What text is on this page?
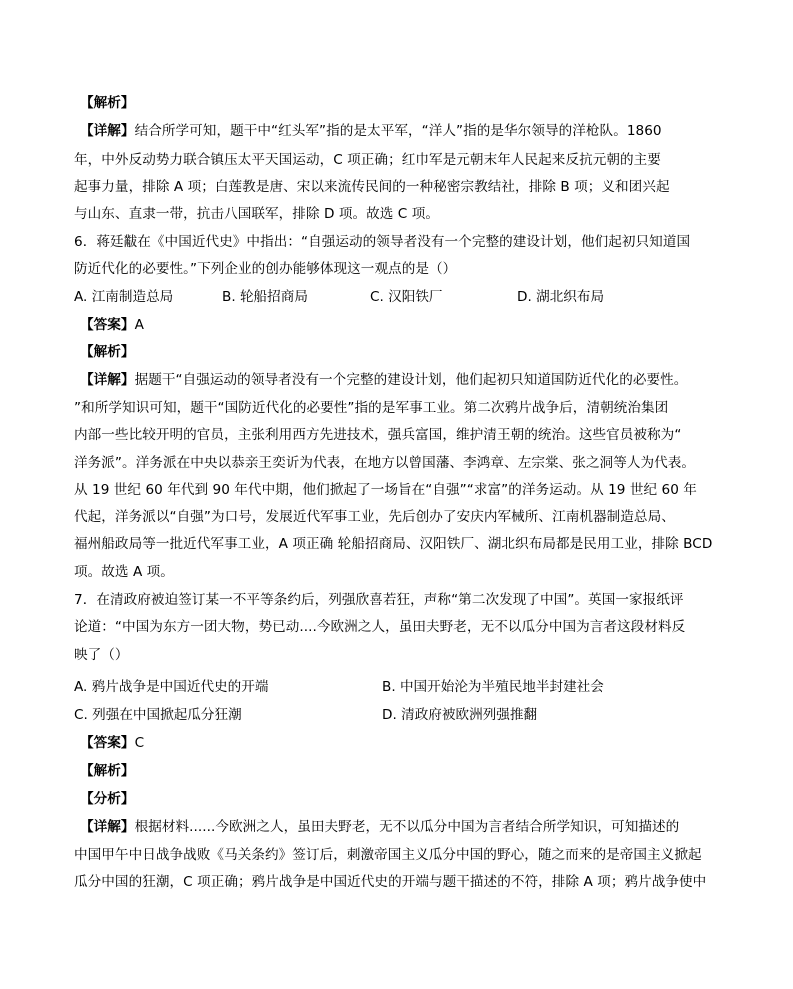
【解析】
【详解】结合所学可知，题干中“红头军”指的是太平军，“洋人”指的是华尔领导的洋枪队。1860
年，中外反动势力联合镇压太平天国运动，C 项正确；红巾军是元朝末年人民起来反抗元朝的主要
起事力量，排除 A 项；白莲教是唐、宋以来流传民间的一种秘密宗教结社，排除 B 项；义和团兴起
与山东、直隶一带，抗击八国联军，排除 D 项。故选 C 项。
6．蒋廷黻在《中国近代史》中指出：“自强运动的领导者没有一个完整的建设计划，他们起初只知道国
防近代化的必要性。”下列企业的创办能够体现这一观点的是（）
A. 江南制造总局	B. 轮船招商局	C. 汉阳铁厂	D. 湖北织布局
【答案】A
【解析】
【详解】据题干“自强运动的领导者没有一个完整的建设计划，他们起初只知道国防近代化的必要性。
”和所学知识可知，题干“国防近代化的必要性”指的是军事工业。第二次鸦片战争后，清朝统治集团
内部一些比较开明的官员，主张利用西方先进技术，强兵富国，维护清王朝的统治。这些官员被称为“
洋务派”。洋务派在中央以恭亲王奕䜣为代表，在地方以曾国藩、李鸿章、左宗棠、张之洞等人为代表。
从 19 世纪 60 年代到 90 年代中期，他们掀起了一场旨在“自强”“求富”的洋务运动。从 19 世纪 60 年
代起，洋务派以“自强”为口号，发展近代军事工业，先后创办了安庆内军械所、江南机器制造总局、
福州船政局等一批近代军事工业，A 项正确 轮船招商局、汉阳铁厂、湖北织布局都是民用工业，排除 BCD
项。故选 A 项。
7．在清政府被迫签订某一不平等条约后，列强欣喜若狂，声称“第二次发现了中国”。英国一家报纸评
论道：“中国为东方一团大物，势已动....今欧洲之人，虽田夫野老，无不以瓜分中国为言者这段材料反
映了（）
A. 鸦片战争是中国近代史的开端	B. 中国开始沦为半殖民地半封建社会
C. 列强在中国掀起瓜分狂潮	D. 清政府被欧洲列强推翻
【答案】C
【解析】
【分析】
【详解】根据材料......今欧洲之人，虽田夫野老，无不以瓜分中国为言者结合所学知识，可知描述的
中国甲午中日战争战败《马关条约》签订后，刺激帝国主义瓜分中国的野心，随之而来的是帝国主义掀起
瓜分中国的狂潮，C 项正确；鸦片战争是中国近代史的开端与题干描述的不符，排除 A 项；鸦片战争使中
